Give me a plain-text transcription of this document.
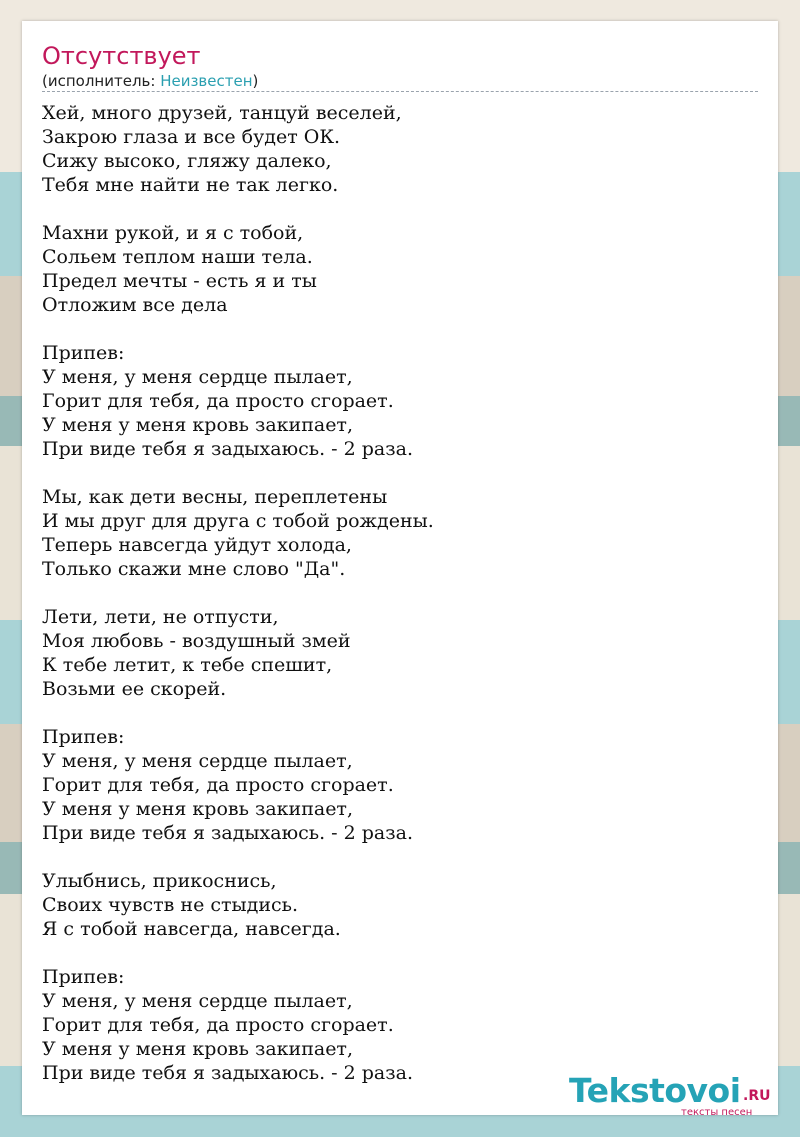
Отсутствует
(исполнитель: Неизвестен)
Хей, много друзей, танцуй веселей,
Закрою глаза и все будет ОК.
Сижу высоко, гляжу далеко,
Тебя мне найти не так легко.
Махни рукой, и я с тобой,
Сольем теплом наши тела.
Предел мечты - есть я и ты
Отложим все дела
Припев:
У меня, у меня сердце пылает,
Горит для тебя, да просто сгорает.
У меня у меня кровь закипает,
При виде тебя я задыхаюсь. - 2 раза.
Мы, как дети весны, переплетены
И мы друг для друга с тобой рождены.
Теперь навсегда уйдут холода,
Только скажи мне слово "Да".
Лети, лети, не отпусти,
Моя любовь - воздушный змей
К тебе летит, к тебе спешит,
Возьми ее скорей.
Припев:
У меня, у меня сердце пылает,
Горит для тебя, да просто сгорает.
У меня у меня кровь закипает,
При виде тебя я задыхаюсь. - 2 раза.
Улыбнись, прикоснись,
Своих чувств не стыдись.
Я с тобой навсегда, навсегда.
Припев:
У меня, у меня сердце пылает,
Горит для тебя, да просто сгорает.
У меня у меня кровь закипает,
При виде тебя я задыхаюсь. - 2 раза.	Tekstovoi .RU
тексты песен
